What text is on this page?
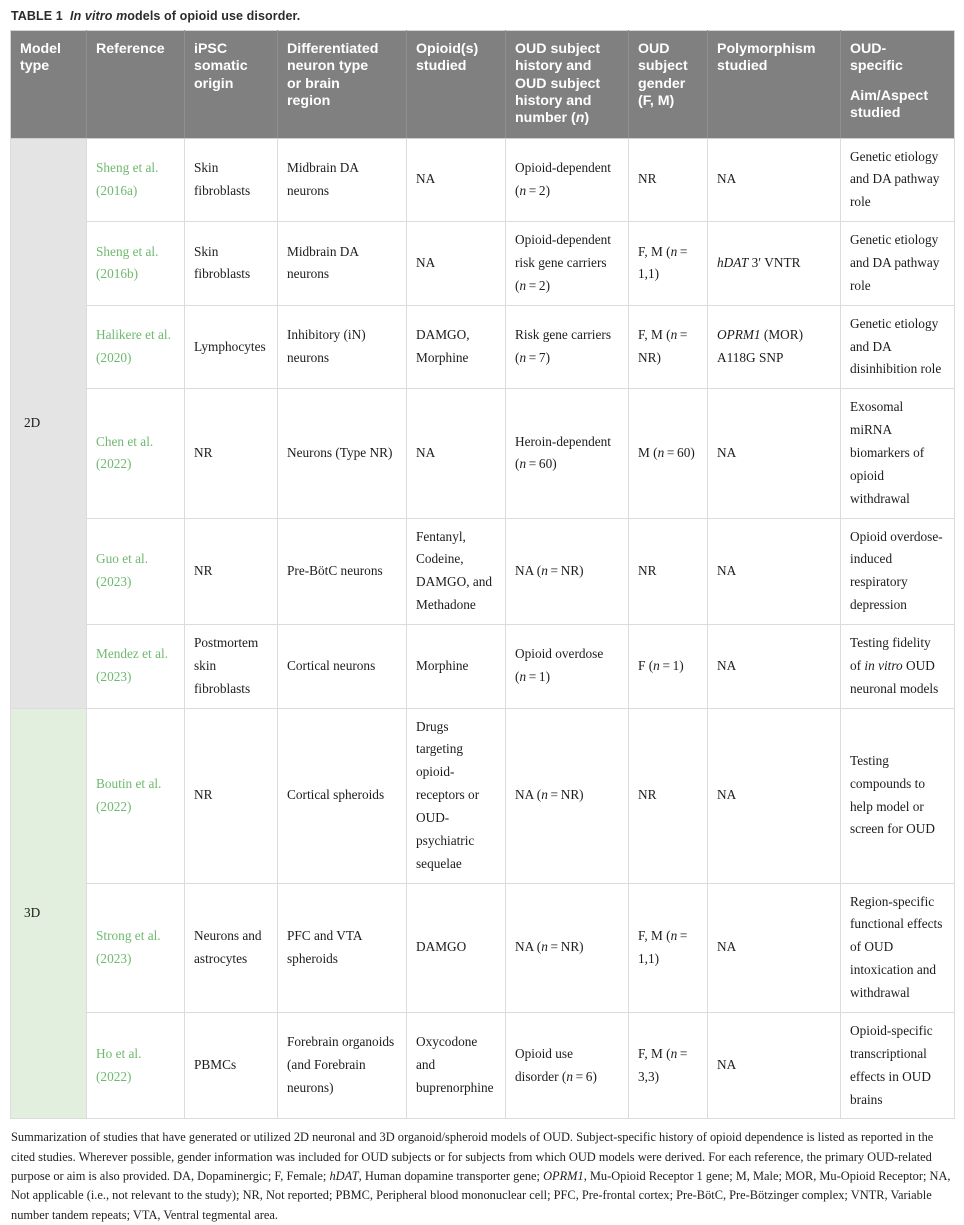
TABLE 1 In vitro models of opioid use disorder.
Model
type	Reference	iPSC
somatic
origin	Differentiated
neuron type
or brain
region	Opioid(s)
studied	OUD subject
history and
OUD subject history and number (n)	OUD
subject
gender
(F, M)	Polymorphism
studied	OUD-
specific
Aim/Aspect
studied
2D	Sheng et al. (2016a)	Skin fibroblasts	Midbrain DA neurons	NA	Opioid-dependent (n = 2)	NR	NA	Genetic etiology and DA pathway role
	Sheng et al. (2016b)	Skin fibroblasts	Midbrain DA neurons	NA	Opioid-dependent risk gene carriers (n = 2)	F, M (n = 1,1)	hDAT 3′ VNTR	Genetic etiology and DA pathway role
	Halikere et al. (2020)	Lymphocytes	Inhibitory (iN) neurons	DAMGO, Morphine	Risk gene carriers (n = 7)	F, M (n = NR)	OPRM1 (MOR) A118G SNP	Genetic etiology and DA disinhibition role
	Chen et al. (2022)	NR	Neurons (Type NR)	NA	Heroin-dependent (n = 60)	M (n = 60)	NA	Exosomal miRNA biomarkers of opioid withdrawal
	Guo et al. (2023)	NR	Pre-BötC neurons	Fentanyl, Codeine, DAMGO, and Methadone	NA (n = NR)	NR	NA	Opioid overdose-induced respiratory depression
	Mendez et al. (2023)	Postmortem skin fibroblasts	Cortical neurons	Morphine	Opioid overdose (n = 1)	F (n = 1)	NA	Testing fidelity of in vitro OUD neuronal models
3D	Boutin et al. (2022)	NR	Cortical spheroids	Drugs targeting opioid-receptors or OUD-psychiatric sequelae	NA (n = NR)	NR	NA	Testing compounds to help model or screen for OUD
	Strong et al. (2023)	Neurons and astrocytes	PFC and VTA spheroids	DAMGO	NA (n = NR)	F, M (n = 1,1)	NA	Region-specific functional effects of OUD intoxication and withdrawal
	Ho et al. (2022)	PBMCs	Forebrain organoids (and Forebrain neurons)	Oxycodone and buprenorphine	Opioid use disorder (n = 6)	F, M (n = 3,3)	NA	Opioid-specific transcriptional effects in OUD brains
Summarization of studies that have generated or utilized 2D neuronal and 3D organoid/spheroid models of OUD. Subject-specific history of opioid dependence is listed as reported in the cited studies. Wherever possible, gender information was included for OUD subjects or for subjects from which OUD models were derived. For each reference, the primary OUD-related purpose or aim is also provided. DA, Dopaminergic; F, Female; hDAT, Human dopamine transporter gene; OPRM1, Mu-Opioid Receptor 1 gene; M, Male; MOR, Mu-Opioid Receptor; NA, Not applicable (i.e., not relevant to the study); NR, Not reported; PBMC, Peripheral blood mononuclear cell; PFC, Pre-frontal cortex; Pre-BötC, Pre-Bötzinger complex; VNTR, Variable number tandem repeats; VTA, Ventral tegmental area.
